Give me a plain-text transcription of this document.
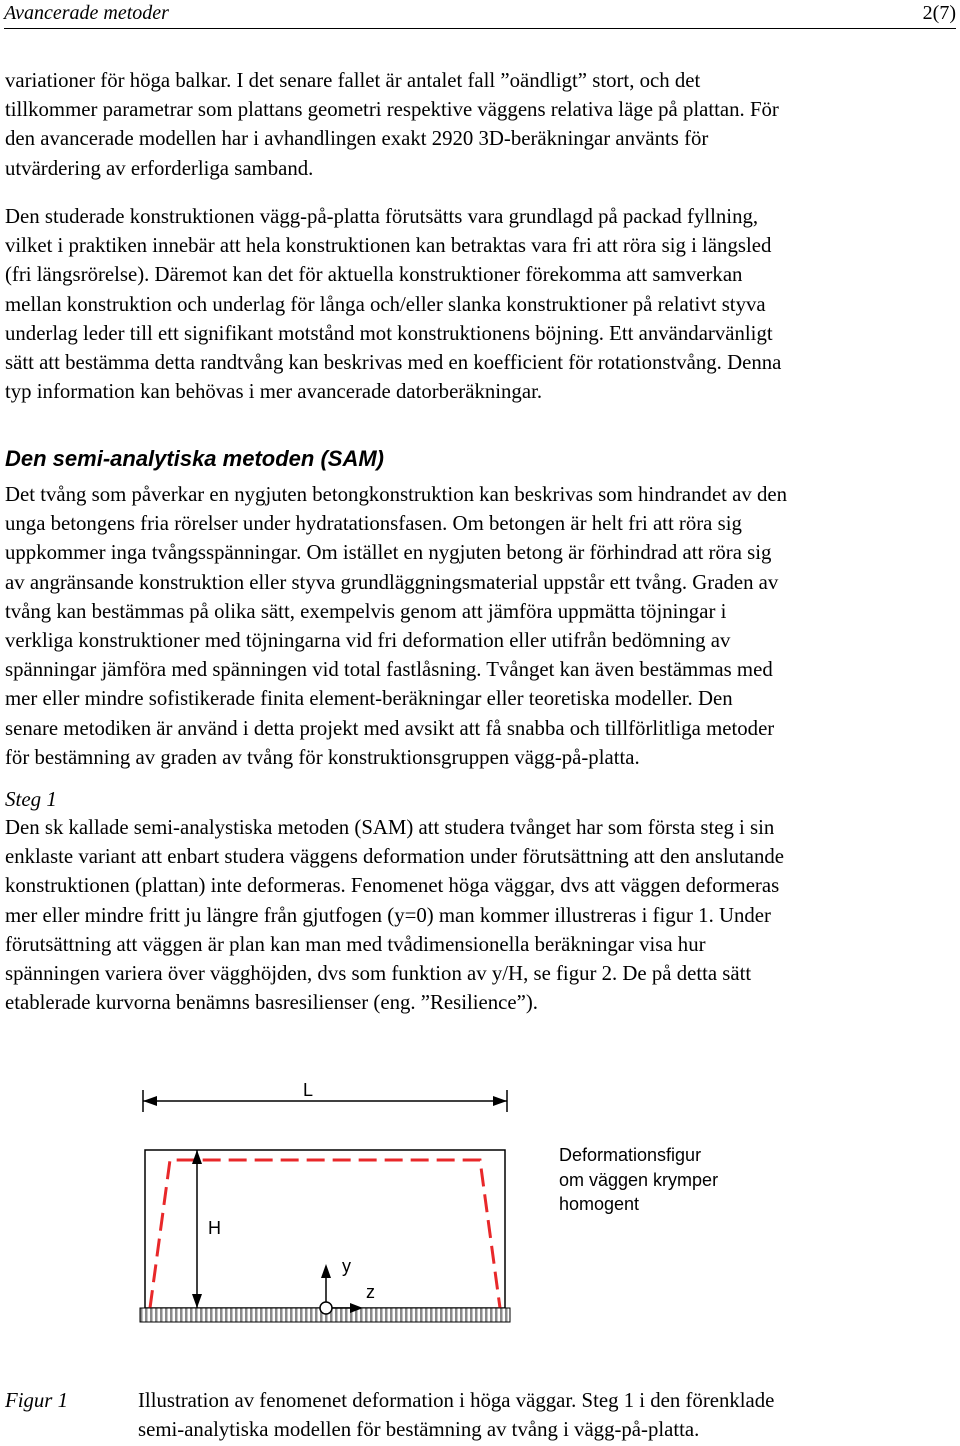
Avancerade metoder	2(7)
variationer för höga balkar. I det senare fallet är antalet fall ”oändligt” stort, och det
tillkommer parametrar som plattans geometri respektive väggens relativa läge på plattan. För
den avancerade modellen har i avhandlingen exakt 2920 3D-beräkningar använts för
utvärdering av erforderliga samband.
Den studerade konstruktionen vägg-på-platta förutsätts vara grundlagd på packad fyllning,
vilket i praktiken innebär att hela konstruktionen kan betraktas vara fri att röra sig i längsled
(fri längsrörelse). Däremot kan det för aktuella konstruktioner förekomma att samverkan
mellan konstruktion och underlag för långa och/eller slanka konstruktioner på relativt styva
underlag leder till ett signifikant motstånd mot konstruktionens böjning. Ett användarvänligt
sätt att bestämma detta randtvång kan beskrivas med en koefficient för rotationstvång. Denna
typ information kan behövas i mer avancerade datorberäkningar.
Den semi-analytiska metoden (SAM)
Det tvång som påverkar en nygjuten betongkonstruktion kan beskrivas som hindrandet av den
unga betongens fria rörelser under hydratationsfasen. Om betongen är helt fri att röra sig
uppkommer inga tvångsspänningar. Om istället en nygjuten betong är förhindrad att röra sig
av angränsande konstruktion eller styva grundläggningsmaterial uppstår ett tvång. Graden av
tvång kan bestämmas på olika sätt, exempelvis genom att jämföra uppmätta töjningar i
verkliga konstruktioner med töjningarna vid fri deformation eller utifrån bedömning av
spänningar jämföra med spänningen vid total fastlåsning. Tvånget kan även bestämmas med
mer eller mindre sofistikerade finita element-beräkningar eller teoretiska modeller. Den
senare metodiken är använd i detta projekt med avsikt att få snabba och tillförlitliga metoder
för bestämning av graden av tvång för konstruktionsgruppen vägg-på-platta.
Steg 1
Den sk kallade semi-analystiska metoden (SAM) att studera tvånget har som första steg i sin
enklaste variant att enbart studera väggens deformation under förutsättning att den anslutande
konstruktionen (plattan) inte deformeras. Fenomenet höga väggar, dvs att väggen deformeras
mer eller mindre fritt ju längre från gjutfogen (y=0) man kommer illustreras i figur 1. Under
förutsättning att väggen är plan kan man med tvådimensionella beräkningar visa hur
spänningen variera över vägghöjden, dvs som funktion av y/H, se figur 2. De på detta sätt
etablerade kurvorna benämns basresilienser (eng. ”Resilience”).
L
H
y
z
Deformationsfigur
om väggen krymper
homogent
Figur 1	Illustration av fenomenet deformation i höga väggar. Steg 1 i den förenklade
semi-analytiska modellen för bestämning av tvång i vägg-på-platta.
